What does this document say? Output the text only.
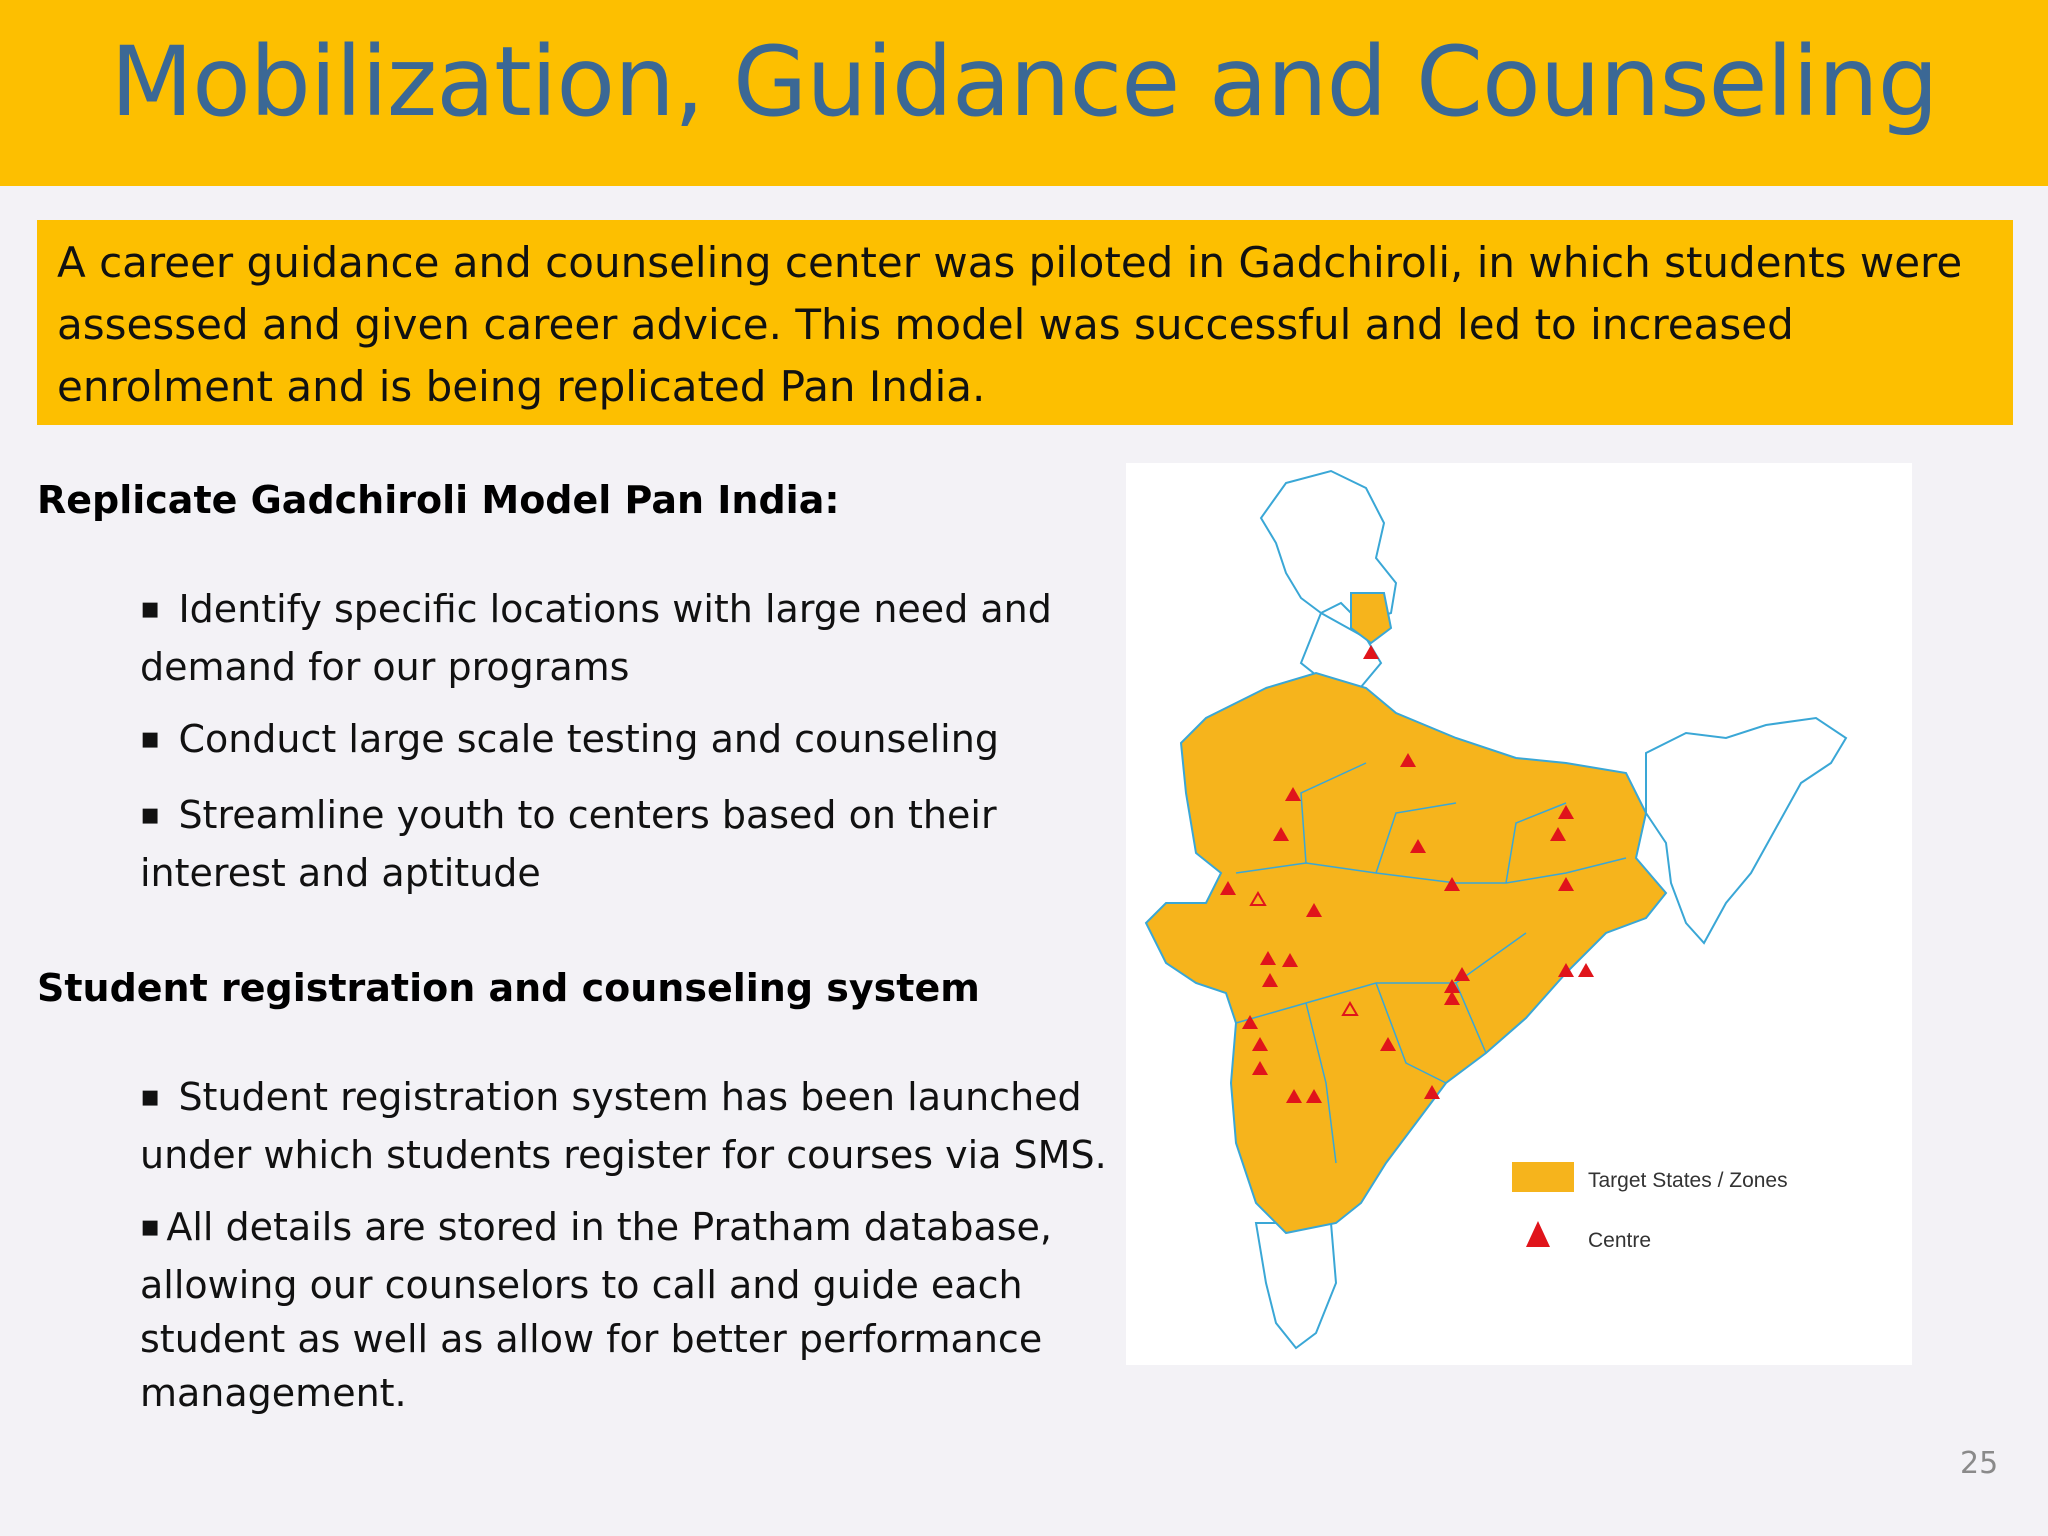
Mobilization, Guidance and Counseling

A career guidance and counseling center was piloted in Gadchiroli, in which students were assessed and given career advice. This model was successful and led to increased enrolment and is being replicated Pan India.

Replicate Gadchiroli Model Pan India:
▪ Identify specific locations with large need and demand for our programs
▪ Conduct large scale testing and counseling
▪ Streamline youth to centers based on their interest and aptitude
Student registration and counseling system
▪ Student registration system has been launched under which students register for courses via SMS.
▪ All details are stored in the Pratham database, allowing our counselors to call and guide each student as well as allow for better performance management.
Target States / Zones
Centre
25
